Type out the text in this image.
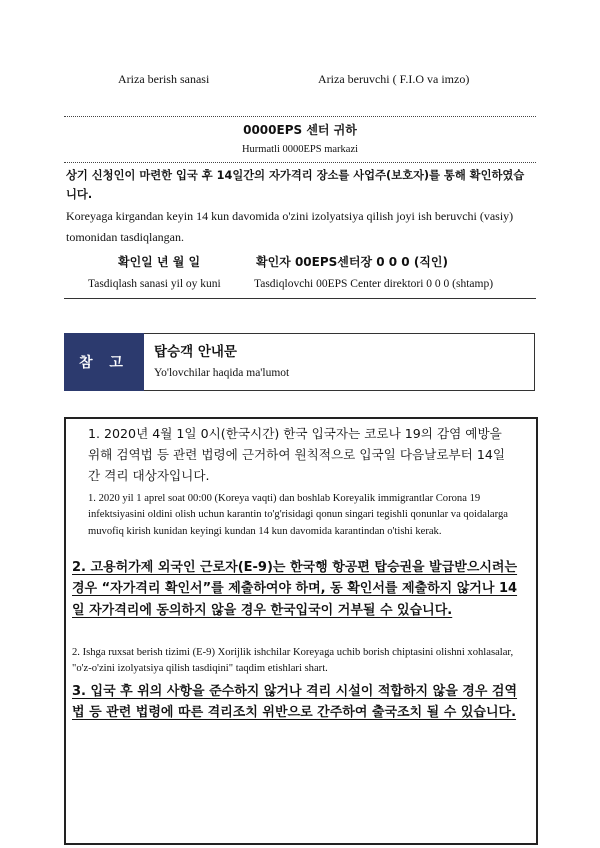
Ariza berish sanasi	Ariza beruvchi ( F.I.O va imzo)
0000EPS 센터 귀하
Hurmatli 0000EPS markazi
상기 신청인이 마련한 입국 후 14일간의 자가격리 장소를 사업주(보호자)를 통해 확인하였습니다.
Koreyaga kirgandan keyin 14 kun davomida o'zini izolyatsiya qilish joyi ish beruvchi (vasiy) tomonidan tasdiqlangan.
확인일 년 월 일	확인자 00EPS센터장 0 0 0 (직인)
Tasdiqlash sanasi yil oy kuni	Tasdiqlovchi 00EPS Center direktori 0 0 0 (shtamp)
참 고
탑승객 안내문
Yo'lovchilar haqida ma'lumot
1. 2020년 4월 1일 0시(한국시간) 한국 입국자는 코로나 19의 감염 예방을 위해 검역법 등 관련 법령에 근거하여 원칙적으로 입국일 다음날로부터 14일간 격리 대상자입니다.
1. 2020 yil 1 aprel soat 00:00 (Koreya vaqti) dan boshlab Koreyalik immigrantlar Corona 19 infektsiyasini oldini olish uchun karantin to'g'risidagi qonun singari tegishli qonunlar va qoidalarga muvofiq kirish kunidan keyingi kundan 14 kun davomida karantindan o'tishi kerak.
2. 고용허가제 외국인 근로자(E-9)는 한국행 항공편 탑승권을 발급받으시려는 경우 “자가격리 확인서”를 제출하여야 하며, 동 확인서를 제출하지 않거나 14일 자가격리에 동의하지 않을 경우 한국입국이 거부될 수 있습니다.
2. Ishga ruxsat berish tizimi (E-9) Xorijlik ishchilar Koreyaga uchib borish chiptasini olishni xohlasalar, "o'z-o'zini izolyatsiya qilish tasdiqini" taqdim etishlari shart.
3. 입국 후 위의 사항을 준수하지 않거나 격리 시설이 적합하지 않을 경우 검역법 등 관련 법령에 따른 격리조치 위반으로 간주하여 출국조치 될 수 있습니다.
